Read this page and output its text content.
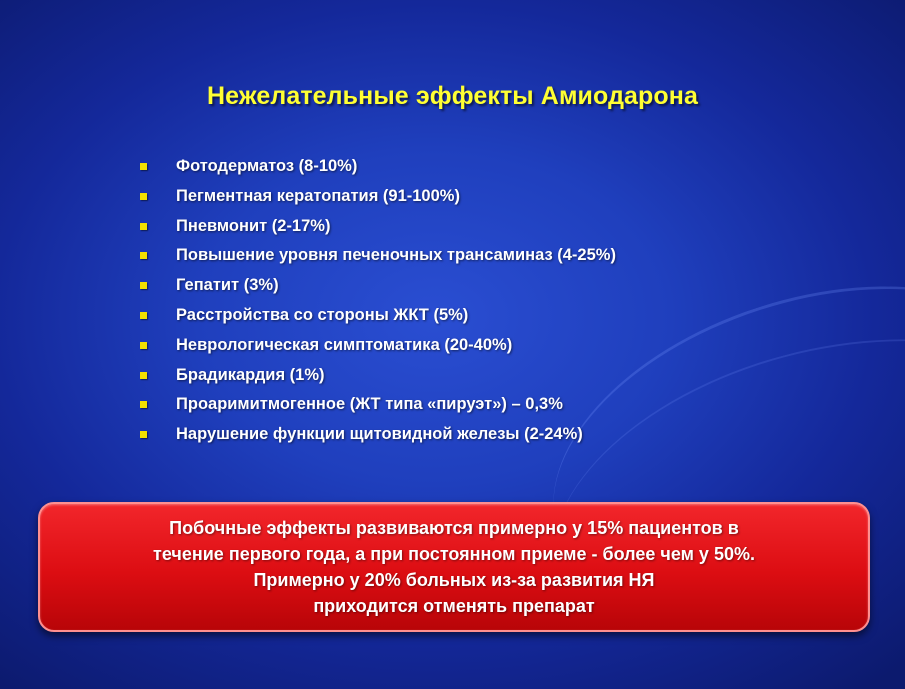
Нежелательные эффекты Амиодарона
Фотодерматоз (8-10%)
Пегментная кератопатия (91-100%)
Пневмонит (2-17%)
Повышение уровня печеночных трансаминаз (4-25%)
Гепатит (3%)
Расстройства со стороны ЖКТ (5%)
Неврологическая симптоматика (20-40%)
Брадикардия (1%)
Проаримитмогенное (ЖТ типа «пируэт») – 0,3%
Нарушение функции щитовидной железы (2-24%)
Побочные эффекты развиваются примерно у 15% пациентов в
течение первого года, а при постоянном приеме - более чем у 50%.
Примерно у 20% больных из-за развития НЯ
приходится отменять препарат
